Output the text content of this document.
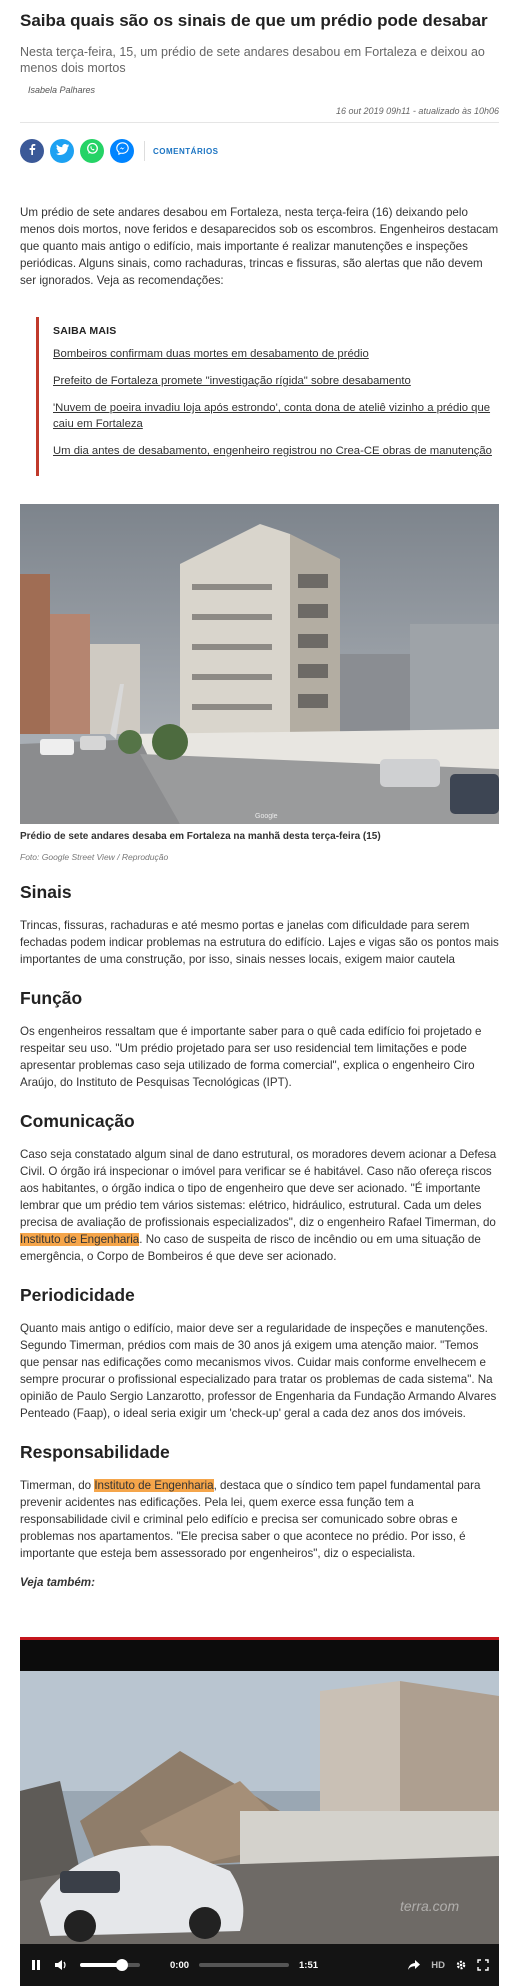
Saiba quais são os sinais de que um prédio pode desabar

Nesta terça-feira, 15, um prédio de sete andares desabou em Fortaleza e deixou ao menos dois mortos

Isabela Palhares

16 out 2019 09h11 - atualizado às 10h06

COMENTÁRIOS

Um prédio de sete andares desabou em Fortaleza, nesta terça-feira (16) deixando pelo menos dois mortos, nove feridos e desaparecidos sob os escombros. Engenheiros destacam que quanto mais antigo o edifício, mais importante é realizar manutenções e inspeções periódicas. Alguns sinais, como rachaduras, trincas e fissuras, são alertas que não devem ser ignorados. Veja as recomendações:

SAIBA MAIS
Bombeiros confirmam duas mortes em desabamento de prédio
Prefeito de Fortaleza promete "investigação rígida" sobre desabamento
'Nuvem de poeira invadiu loja após estrondo', conta dona de ateliê vizinho a prédio que caiu em Fortaleza
Um dia antes de desabamento, engenheiro registrou no Crea-CE obras de manutenção
Google

Prédio de sete andares desaba em Fortaleza na manhã desta terça-feira (15)

Foto: Google Street View / Reprodução

Sinais

Trincas, fissuras, rachaduras e até mesmo portas e janelas com dificuldade para serem fechadas podem indicar problemas na estrutura do edifício. Lajes e vigas são os pontos mais importantes de uma construção, por isso, sinais nesses locais, exigem maior cautela

Função

Os engenheiros ressaltam que é importante saber para o quê cada edifício foi projetado e respeitar seu uso. "Um prédio projetado para ser uso residencial tem limitações e pode apresentar problemas caso seja utilizado de forma comercial", explica o engenheiro Ciro Araújo, do Instituto de Pesquisas Tecnológicas (IPT).

Comunicação

Caso seja constatado algum sinal de dano estrutural, os moradores devem acionar a Defesa Civil. O órgão irá inspecionar o imóvel para verificar se é habitável. Caso não ofereça riscos aos habitantes, o órgão indica o tipo de engenheiro que deve ser acionado. "É importante lembrar que um prédio tem vários sistemas: elétrico, hidráulico, estrutural. Cada um deles precisa de avaliação de profissionais especializados", diz o engenheiro Rafael Timerman, do Instituto de Engenharia. No caso de suspeita de risco de incêndio ou em uma situação de emergência, o Corpo de Bombeiros é que deve ser acionado.

Periodicidade

Quanto mais antigo o edifício, maior deve ser a regularidade de inspeções e manutenções. Segundo Timerman, prédios com mais de 30 anos já exigem uma atenção maior. "Temos que pensar nas edificações como mecanismos vivos. Cuidar mais conforme envelhecem e sempre procurar o profissional especializado para tratar os problemas de cada sistema". Na opinião de Paulo Sergio Lanzarotto, professor de Engenharia da Fundação Armando Alvares Penteado (Faap), o ideal seria exigir um 'check-up' geral a cada dez anos dos imóveis.

Responsabilidade

Timerman, do Instituto de Engenharia, destaca que o síndico tem papel fundamental para prevenir acidentes nas edificações. Pela lei, quem exerce essa função tem a responsabilidade civil e criminal pelo edifício e precisa ser comunicado sobre obras e problemas nos apartamentos. "Ele precisa saber o que acontece no prédio. Por isso, é importante que esteja bem assessorado por engenheiros", diz o especialista.

Veja também:

terra.com
0:00	1:51	HD
